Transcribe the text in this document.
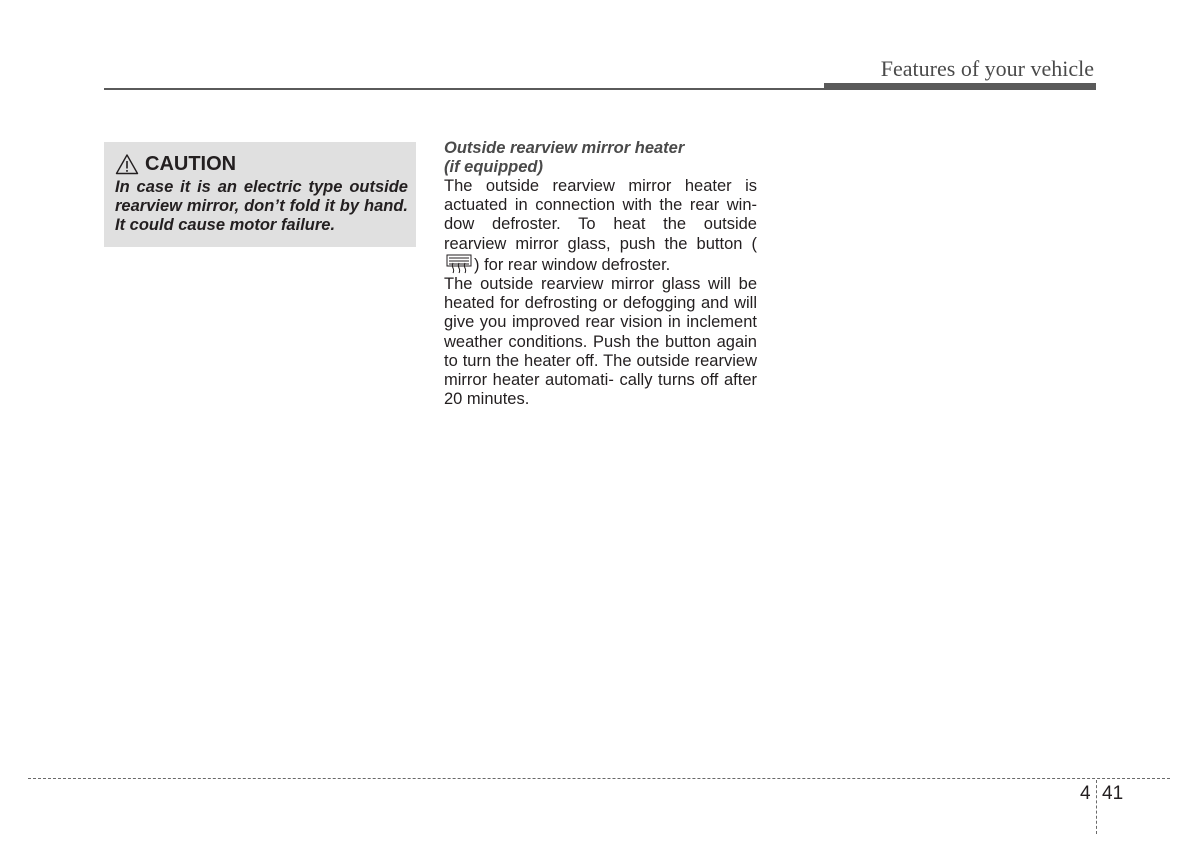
Features of your vehicle
CAUTION
In case it is an electric type outside rearview mirror, don’t fold it by hand. It could cause motor failure.
Outside rearview mirror heater
(if equipped)
The outside rearview mirror heater is actuated in connection with the rear win- dow defroster. To heat the outside rearview mirror glass, push the button () for rear window defroster.
The outside rearview mirror glass will be heated for defrosting or defogging and will give you improved rear vision in inclement weather conditions. Push the button again to turn the heater off. The outside rearview mirror heater automati- cally turns off after 20 minutes.
4 41
